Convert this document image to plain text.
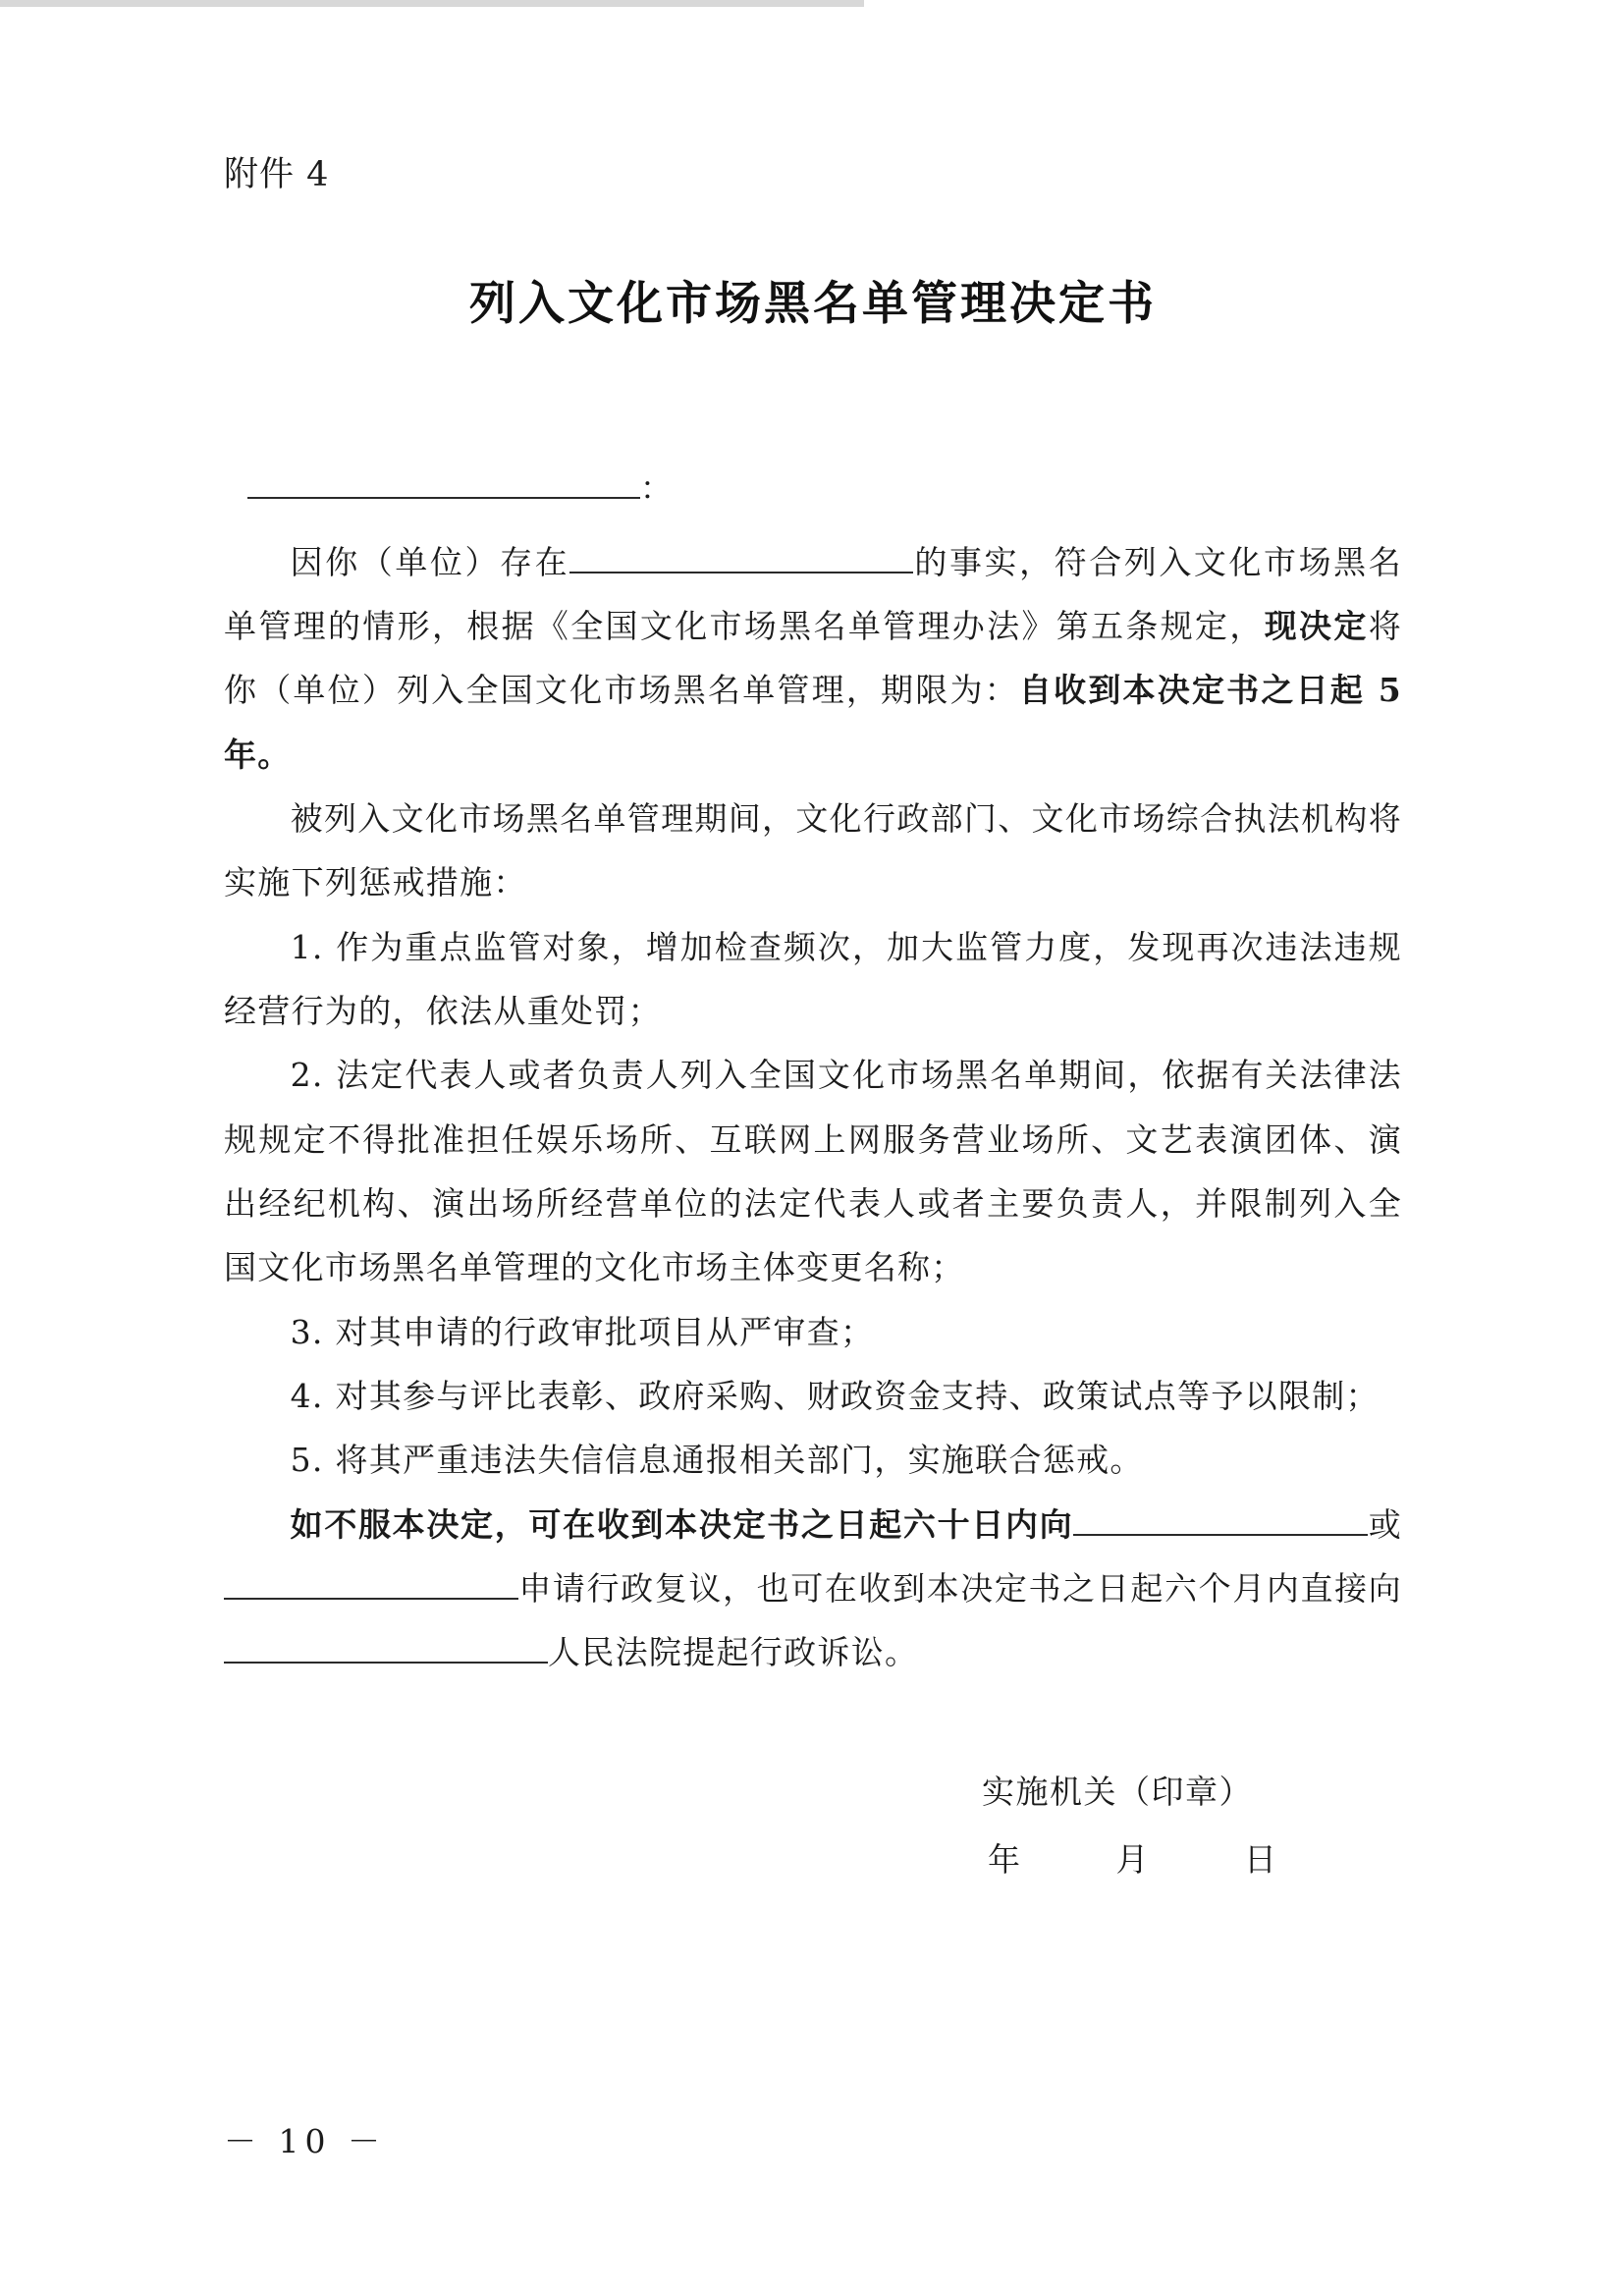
附件 4
列入文化市场黑名单管理决定书
：

因你（单位）存在	的事实，符合列入文化市场黑名单管理的情形，根据《全国文化市场黑名单管理办法》第五条规定，现决定将你（单位）列入全国文化市场黑名单管理，期限为：自收到本决定书之日起 5 年。

被列入文化市场黑名单管理期间，文化行政部门、文化市场综合执法机构将实施下列惩戒措施：

1. 作为重点监管对象，增加检查频次，加大监管力度，发现再次违法违规经营行为的，依法从重处罚；

2. 法定代表人或者负责人列入全国文化市场黑名单期间，依据有关法律法规规定不得批准担任娱乐场所、互联网上网服务营业场所、文艺表演团体、演出经纪机构、演出场所经营单位的法定代表人或者主要负责人，并限制列入全国文化市场黑名单管理的文化市场主体变更名称；

3. 对其申请的行政审批项目从严审查；

4. 对其参与评比表彰、政府采购、财政资金支持、政策试点等予以限制；

5. 将其严重违法失信信息通报相关部门，实施联合惩戒。

如不服本决定，可在收到本决定书之日起六十日内向	或申请行政复议，也可在收到本决定书之日起六个月内直接向人民法院提起行政诉讼。

实施机关（印章）
年	月	日
－ 10 －
